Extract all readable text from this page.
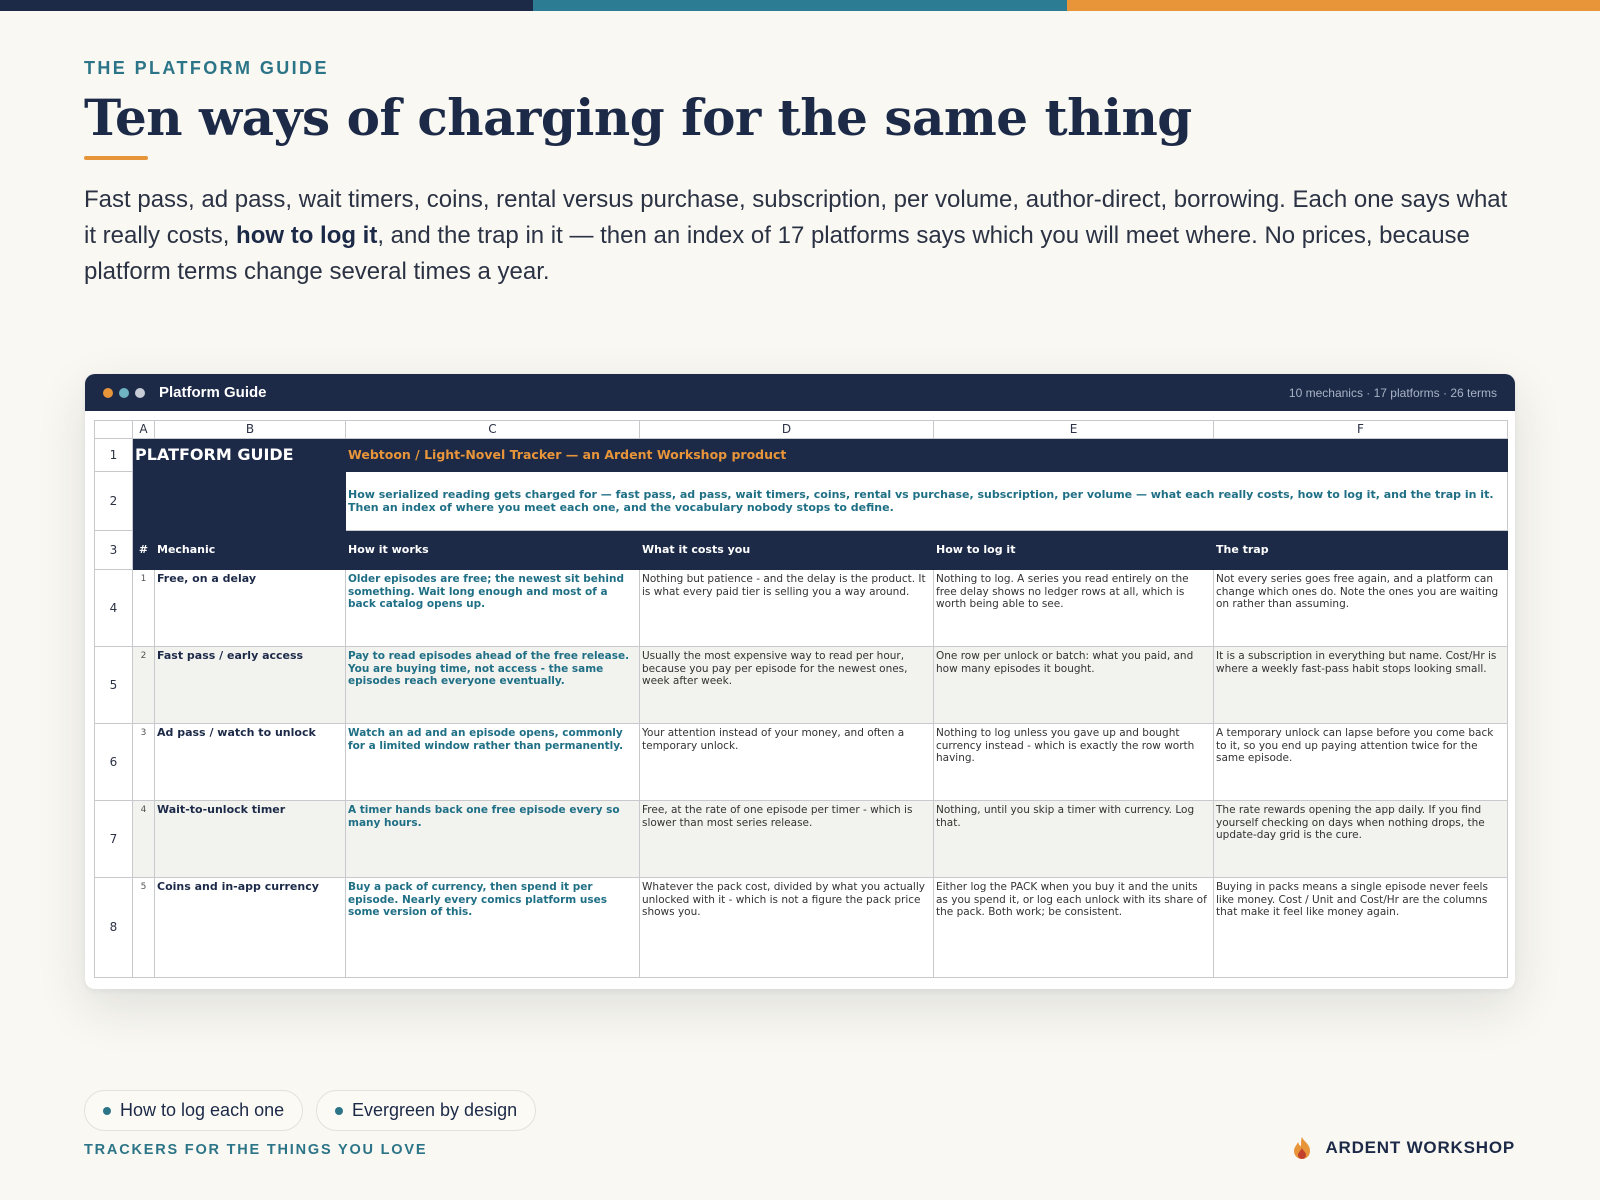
THE PLATFORM GUIDE
Ten ways of charging for the same thing

Fast pass, ad pass, wait timers, coins, rental versus purchase, subscription, per volume, author-direct, borrowing. Each one says what it really costs, how to log it, and the trap in it — then an index of 17 platforms says which you will meet where. No prices, because platform terms change several times a year.

Platform Guide	10 mechanics · 17 platforms · 26 terms
	A	B	C	D	E	F
1	PLATFORM GUIDE		Webtoon / Light-Novel Tracker — an Ardent Workshop product			
2			How serialized reading gets charged for — fast pass, ad pass, wait timers, coins, rental vs purchase, subscription, per volume — what each really costs, how to log it, and the trap in it. Then an index of where you meet each one, and the vocabulary nobody stops to define.			
3	#	Mechanic	How it works	What it costs you	How to log it	The trap
4	1	Free, on a delay	Older episodes are free; the newest sit behind something. Wait long enough and most of a back catalog opens up.	Nothing but patience - and the delay is the product. It is what every paid tier is selling you a way around.	Nothing to log. A series you read entirely on the free delay shows no ledger rows at all, which is worth being able to see.	Not every series goes free again, and a platform can change which ones do. Note the ones you are waiting on rather than assuming.
5	2	Fast pass / early access	Pay to read episodes ahead of the free release. You are buying time, not access - the same episodes reach everyone eventually.	Usually the most expensive way to read per hour, because you pay per episode for the newest ones, week after week.	One row per unlock or batch: what you paid, and how many episodes it bought.	It is a subscription in everything but name. Cost/Hr is where a weekly fast-pass habit stops looking small.
6	3	Ad pass / watch to unlock	Watch an ad and an episode opens, commonly for a limited window rather than permanently.	Your attention instead of your money, and often a temporary unlock.	Nothing to log unless you gave up and bought currency instead - which is exactly the row worth having.	A temporary unlock can lapse before you come back to it, so you end up paying attention twice for the same episode.
7	4	Wait-to-unlock timer	A timer hands back one free episode every so many hours.	Free, at the rate of one episode per timer - which is slower than most series release.	Nothing, until you skip a timer with currency. Log that.	The rate rewards opening the app daily. If you find yourself checking on days when nothing drops, the update-day grid is the cure.
8	5	Coins and in-app currency	Buy a pack of currency, then spend it per episode. Nearly every comics platform uses some version of this.	Whatever the pack cost, divided by what you actually unlocked with it - which is not a figure the pack price shows you.	Either log the PACK when you buy it and the units as you spend it, or log each unlock with its share of the pack. Both work; be consistent.	Buying in packs means a single episode never feels like money. Cost / Unit and Cost/Hr are the columns that make it feel like money again.
How to log each one	Evergreen by design
TRACKERS FOR THE THINGS YOU LOVE	ARDENT WORKSHOP
